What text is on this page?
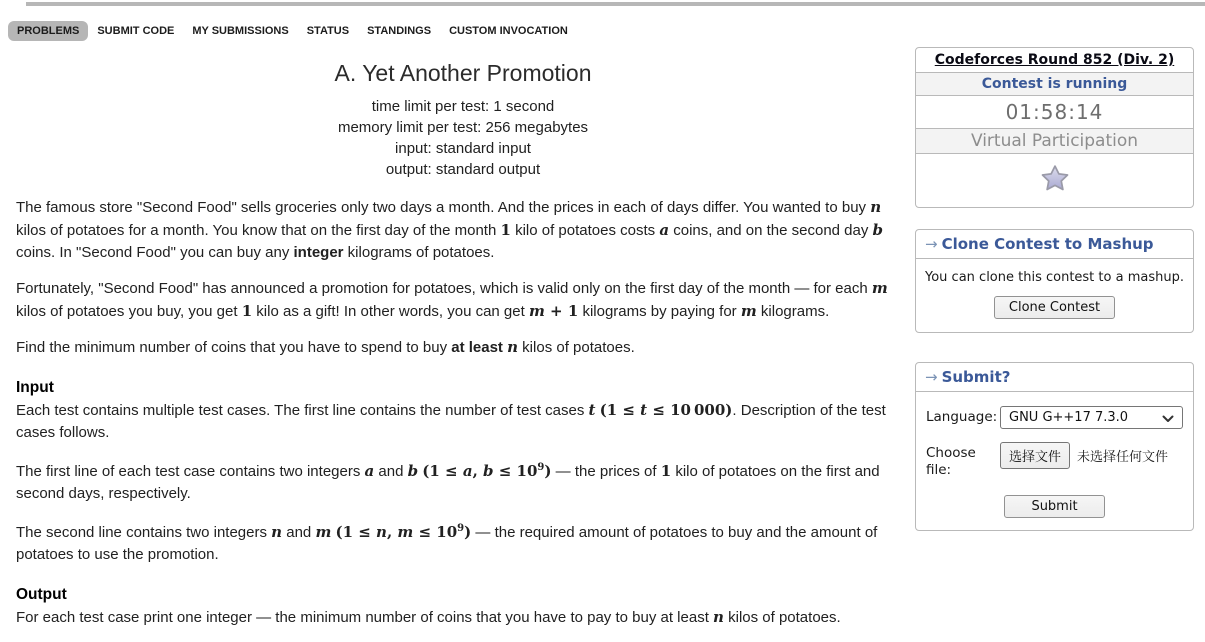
PROBLEMS	SUBMIT CODE	MY SUBMISSIONS	STATUS	STANDINGS	CUSTOM INVOCATION
A. Yet Another Promotion
time limit per test: 1 second
memory limit per test: 256 megabytes
input: standard input
output: standard output

The famous store "Second Food" sells groceries only two days a month. And the prices in each of days differ. You wanted to buy n kilos of potatoes for a month. You know that on the first day of the month 1 kilo of potatoes costs a coins, and on the second day b coins. In "Second Food" you can buy any integer kilograms of potatoes.

Fortunately, "Second Food" has announced a promotion for potatoes, which is valid only on the first day of the month — for each m kilos of potatoes you buy, you get 1 kilo as a gift! In other words, you can get m + 1 kilograms by paying for m kilograms.

Find the minimum number of coins that you have to spend to buy at least n kilos of potatoes.

Input

Each test contains multiple test cases. The first line contains the number of test cases t (1 ≤ t ≤ 10 000). Description of the test cases follows.

The first line of each test case contains two integers a and b (1 ≤ a, $b \le 10^9$) — the prices of 1 kilo of potatoes on the first and second days, respectively.

The second line contains two integers n and m (1 ≤ n, $m \le 10^9$) — the required amount of potatoes to buy and the amount of potatoes to use the promotion.

Output

For each test case print one integer — the minimum number of coins that you have to pay to buy at least n kilos of potatoes.

Codeforces Round 852 (Div. 2)
Contest is running
01:58:14
Virtual Participation
→ Clone Contest to Mashup
You can clone this contest to a mashup.
Clone Contest
→ Submit?
Language: GNU G++17 7.3.0
Choose file:
选择文件	未选择任何文件
Submit
